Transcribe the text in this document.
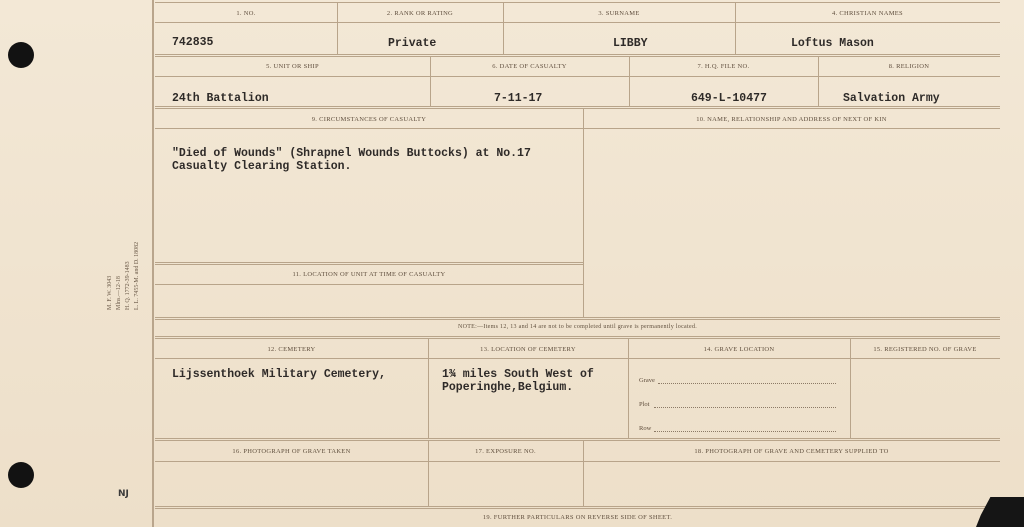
M. F. W. 3043 Mlns.—12-18 H. Q. 1772-39-1483 L. L. 7455-M. and D. 18082
NJ
1. NO.	2. RANK OR RATING	3. SURNAME	4. CHRISTIAN NAMES
742835	Private	LIBBY	Loftus Mason
5. UNIT OR SHIP	6. DATE OF CASUALTY	7. H.Q. FILE NO.	8. RELIGION
24th Battalion	7-11-17	649-L-10477	Salvation Army
9. CIRCUMSTANCES OF CASUALTY
"Died of Wounds" (Shrapnel Wounds Buttocks) at No.17
Casualty Clearing Station.
10. NAME, RELATIONSHIP AND ADDRESS OF NEXT OF KIN
11. LOCATION OF UNIT AT TIME OF CASUALTY
NOTE:—Items 12, 13 and 14 are not to be completed until grave is permanently located.
12. CEMETERY	13. LOCATION OF CEMETERY	14. GRAVE LOCATION	15. REGISTERED NO. OF GRAVE
Lijssenthoek Military Cemetery,	1¾ miles South West of
Poperinghe,Belgium.
Grave
Plot
Row
16. PHOTOGRAPH OF GRAVE TAKEN	17. EXPOSURE NO.	18. PHOTOGRAPH OF GRAVE AND CEMETERY SUPPLIED TO
19. FURTHER PARTICULARS ON REVERSE SIDE OF SHEET.
